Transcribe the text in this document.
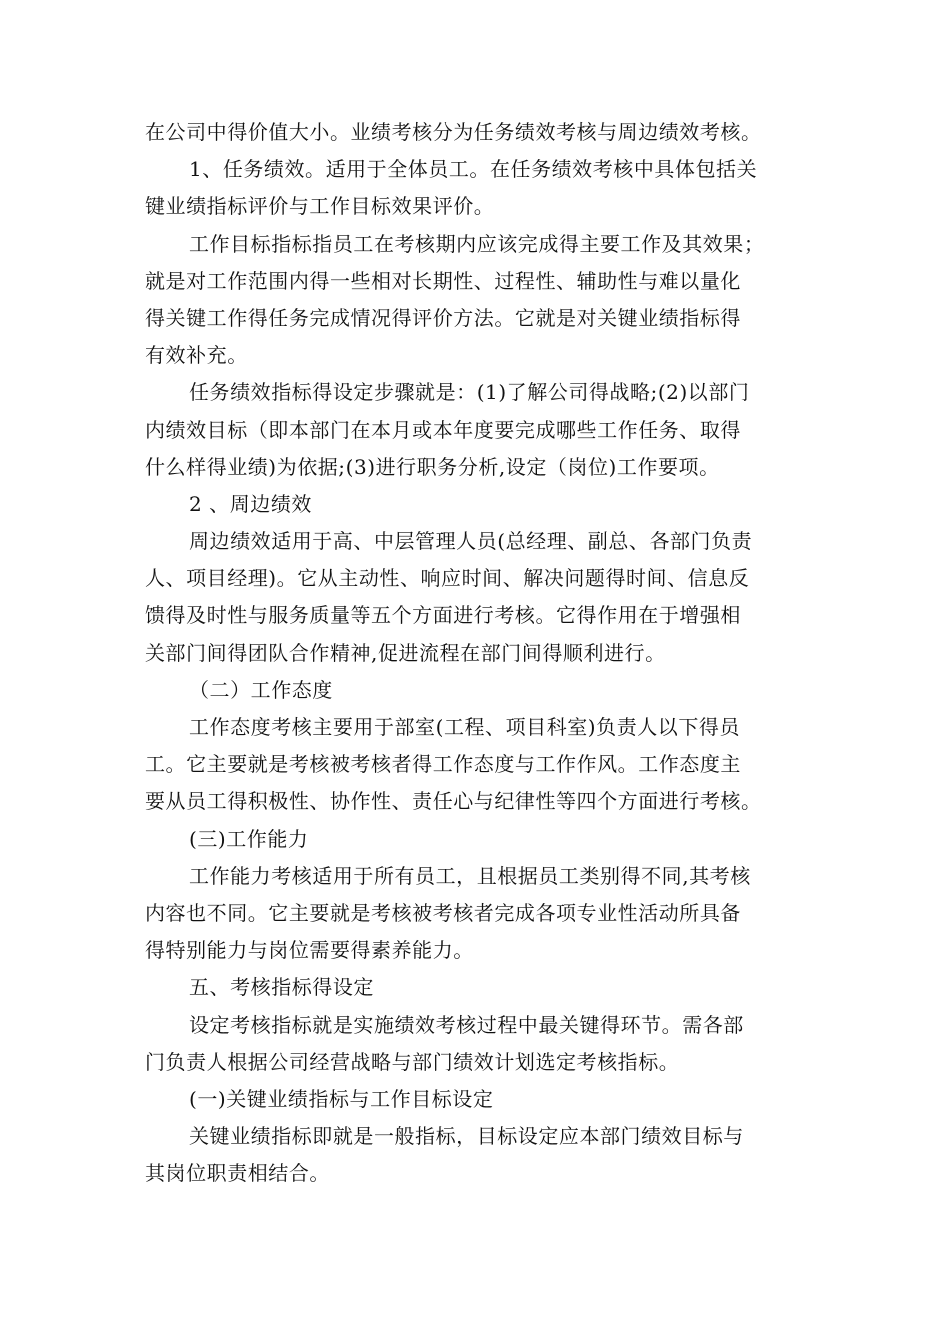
在公司中得价值大小。业绩考核分为任务绩效考核与周边绩效考核。
1、任务绩效。适用于全体员工。在任务绩效考核中具体包括关
键业绩指标评价与工作目标效果评价。
工作目标指标指员工在考核期内应该完成得主要工作及其效果；
就是对工作范围内得一些相对长期性、过程性、辅助性与难以量化
得关键工作得任务完成情况得评价方法。它就是对关键业绩指标得
有效补充。
任务绩效指标得设定步骤就是：(1)了解公司得战略;(2)以部门
内绩效目标（即本部门在本月或本年度要完成哪些工作任务、取得
什么样得业绩)为依据;(3)进行职务分析,设定（岗位)工作要项。
2 、周边绩效
周边绩效适用于高、中层管理人员(总经理、副总、各部门负责
人、项目经理)。它从主动性、响应时间、解决问题得时间、信息反
馈得及时性与服务质量等五个方面进行考核。它得作用在于增强相
关部门间得团队合作精神,促进流程在部门间得顺利进行。
（二）工作态度
工作态度考核主要用于部室(工程、项目科室)负责人以下得员
工。它主要就是考核被考核者得工作态度与工作作风。工作态度主
要从员工得积极性、协作性、责任心与纪律性等四个方面进行考核。
(三)工作能力
工作能力考核适用于所有员工，且根据员工类别得不同,其考核
内容也不同。它主要就是考核被考核者完成各项专业性活动所具备
得特别能力与岗位需要得素养能力。
五、考核指标得设定
设定考核指标就是实施绩效考核过程中最关键得环节。需各部
门负责人根据公司经营战略与部门绩效计划选定考核指标。
(一)关键业绩指标与工作目标设定
关键业绩指标即就是一般指标，目标设定应本部门绩效目标与
其岗位职责相结合。
